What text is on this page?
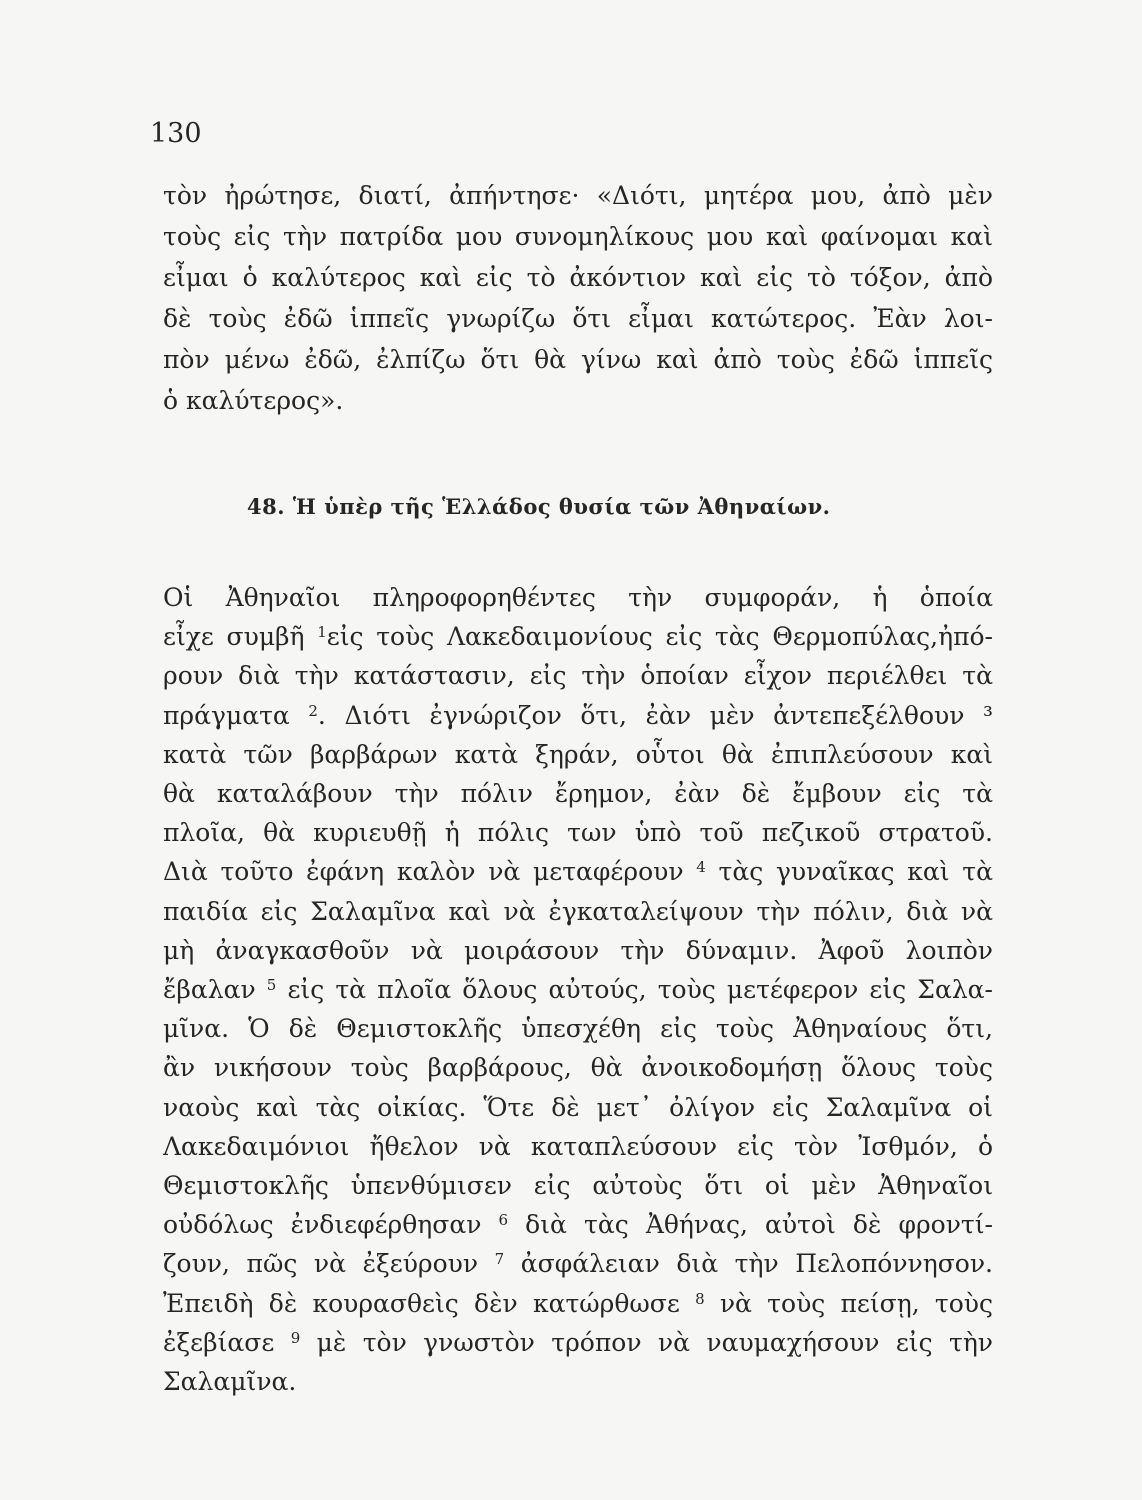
130
τὸν ἠρώτησε, διατί, ἀπήντησε· «Διότι, μητέρα μου, ἀπὸ μὲν
τοὺς εἰς τὴν πατρίδα μου συνομηλίκους μου καὶ φαίνομαι καὶ
εἶμαι ὁ καλύτερος καὶ εἰς τὸ ἀκόντιον καὶ εἰς τὸ τόξον, ἀπὸ
δὲ τοὺς ἐδῶ ἱππεῖς γνωρίζω ὅτι εἶμαι κατώτερος. Ἐὰν λοι-
πὸν μένω ἐδῶ, ἐλπίζω ὅτι θὰ γίνω καὶ ἀπὸ τοὺς ἐδῶ ἱππεῖς
ὁ καλύτερος».
48. Ἡ ὑπὲρ τῆς Ἑλλάδος θυσία τῶν Ἀθηναίων.
Οἱ Ἀθηναῖοι πληροφορηθέντες τὴν συμφοράν, ἡ ὁποία
εἶχε συμβῆ $^1$εἰς τοὺς Λακεδαιμονίους εἰς τὰς Θερμοπύλας,ἠπό-
ρουν διὰ τὴν κατάστασιν, εἰς τὴν ὁποίαν εἶχον περιέλθει τὰ
πράγματα $^2$. Διότι ἐγνώριζον ὅτι, ἐὰν μὲν ἀντεπεξέλθουν ³
κατὰ τῶν βαρβάρων κατὰ ξηράν, οὗτοι θὰ ἐπιπλεύσουν καὶ
θὰ καταλάβουν τὴν πόλιν ἔρημον, ἐὰν δὲ ἔμβουν εἰς τὰ
πλοῖα, θὰ κυριευθῇ ἡ πόλις των ὑπὸ τοῦ πεζικοῦ στρατοῦ.
Διὰ τοῦτο ἐφάνη καλὸν νὰ μεταφέρουν $^4$ τὰς γυναῖκας καὶ τὰ
παιδία εἰς Σαλαμῖνα καὶ νὰ ἐγκαταλείψουν τὴν πόλιν, διὰ νὰ
μὴ ἀναγκασθοῦν νὰ μοιράσουν τὴν δύναμιν. Ἀφοῦ λοιπὸν
ἔβαλαν $^5$ εἰς τὰ πλοῖα ὅλους αὐτούς, τοὺς μετέφερον εἰς Σαλα-
μῖνα. Ὁ δὲ Θεμιστοκλῆς ὑπεσχέθη εἰς τοὺς Ἀθηναίους ὅτι,
ἂν νικήσουν τοὺς βαρβάρους, θὰ ἀνοικοδομήσῃ ὅλους τοὺς
ναοὺς καὶ τὰς οἰκίας. Ὅτε δὲ μετ᾽ ὀλίγον εἰς Σαλαμῖνα οἱ
Λακεδαιμόνιοι ἤθελον νὰ καταπλεύσουν εἰς τὸν Ἰσθμόν, ὁ
Θεμιστοκλῆς ὑπενθύμισεν εἰς αὐτοὺς ὅτι οἱ μὲν Ἀθηναῖοι
οὐδόλως ἐνδιεφέρθησαν $^6$ διὰ τὰς Ἀθήνας, αὐτοὶ δὲ φροντί-
ζουν, πῶς νὰ ἐξεύρουν $^7$ ἀσφάλειαν διὰ τὴν Πελοπόννησον.
Ἐπειδὴ δὲ κουρασθεὶς δὲν κατώρθωσε $^8$ νὰ τοὺς πείσῃ, τοὺς
ἐξεβίασε $^9$ μὲ τὸν γνωστὸν τρόπον νὰ ναυμαχήσουν εἰς τὴν
Σαλαμῖνα.
